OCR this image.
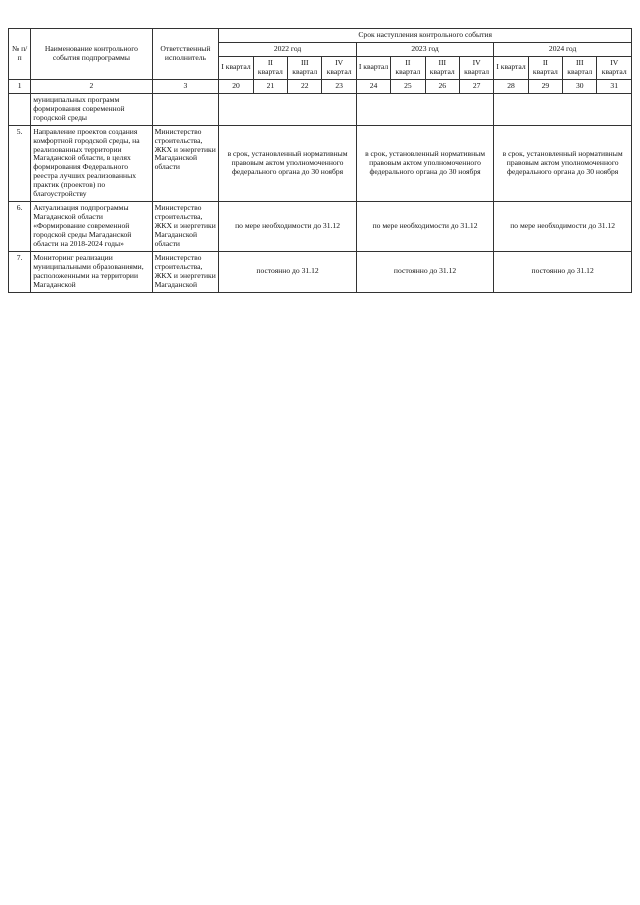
№ п/п	Наименование контрольного события подпрограммы	Ответственный исполнитель	Срок наступления контрольного события											
			2022 год				2023 год				2024 год			
			I квартал	II квартал	III квартал	IV квартал	I квартал	II квартал	III квартал	IV квартал	I квартал	II квартал	III квартал	IV квартал
1	2	3	20	21	22	23	24	25	26	27	28	29	30	31
	муниципальных программ формирования современной городской среды													
5.	Направление проектов создания комфортной городской среды, на реализованных территории Магаданской области, в целях формирования Федерального реестра лучших реализованных практик (проектов) по благоустройству	Министерство строительства, ЖКХ и энергетики Магаданской области	в срок, установленный нормативным правовым актом уполномоченного федерального органа до 30 ноября				в срок, установленный нормативным правовым актом уполномоченного федерального органа до 30 ноября				в срок, установленный нормативным правовым актом уполномоченного федерального органа до 30 ноября			
6.	Актуализация подпрограммы Магаданской области «Формирование современной городской среды Магаданской области на 2018-2024 годы»	Министерство строительства, ЖКХ и энергетики Магаданской области	по мере необходимости до 31.12				по мере необходимости до 31.12				по мере необходимости до 31.12			
7.	Мониторинг реализации муниципальными образованиями, расположенными на территории Магаданской	Министерство строительства, ЖКХ и энергетики Магаданской	постоянно до 31.12				постоянно до 31.12				постоянно до 31.12			
